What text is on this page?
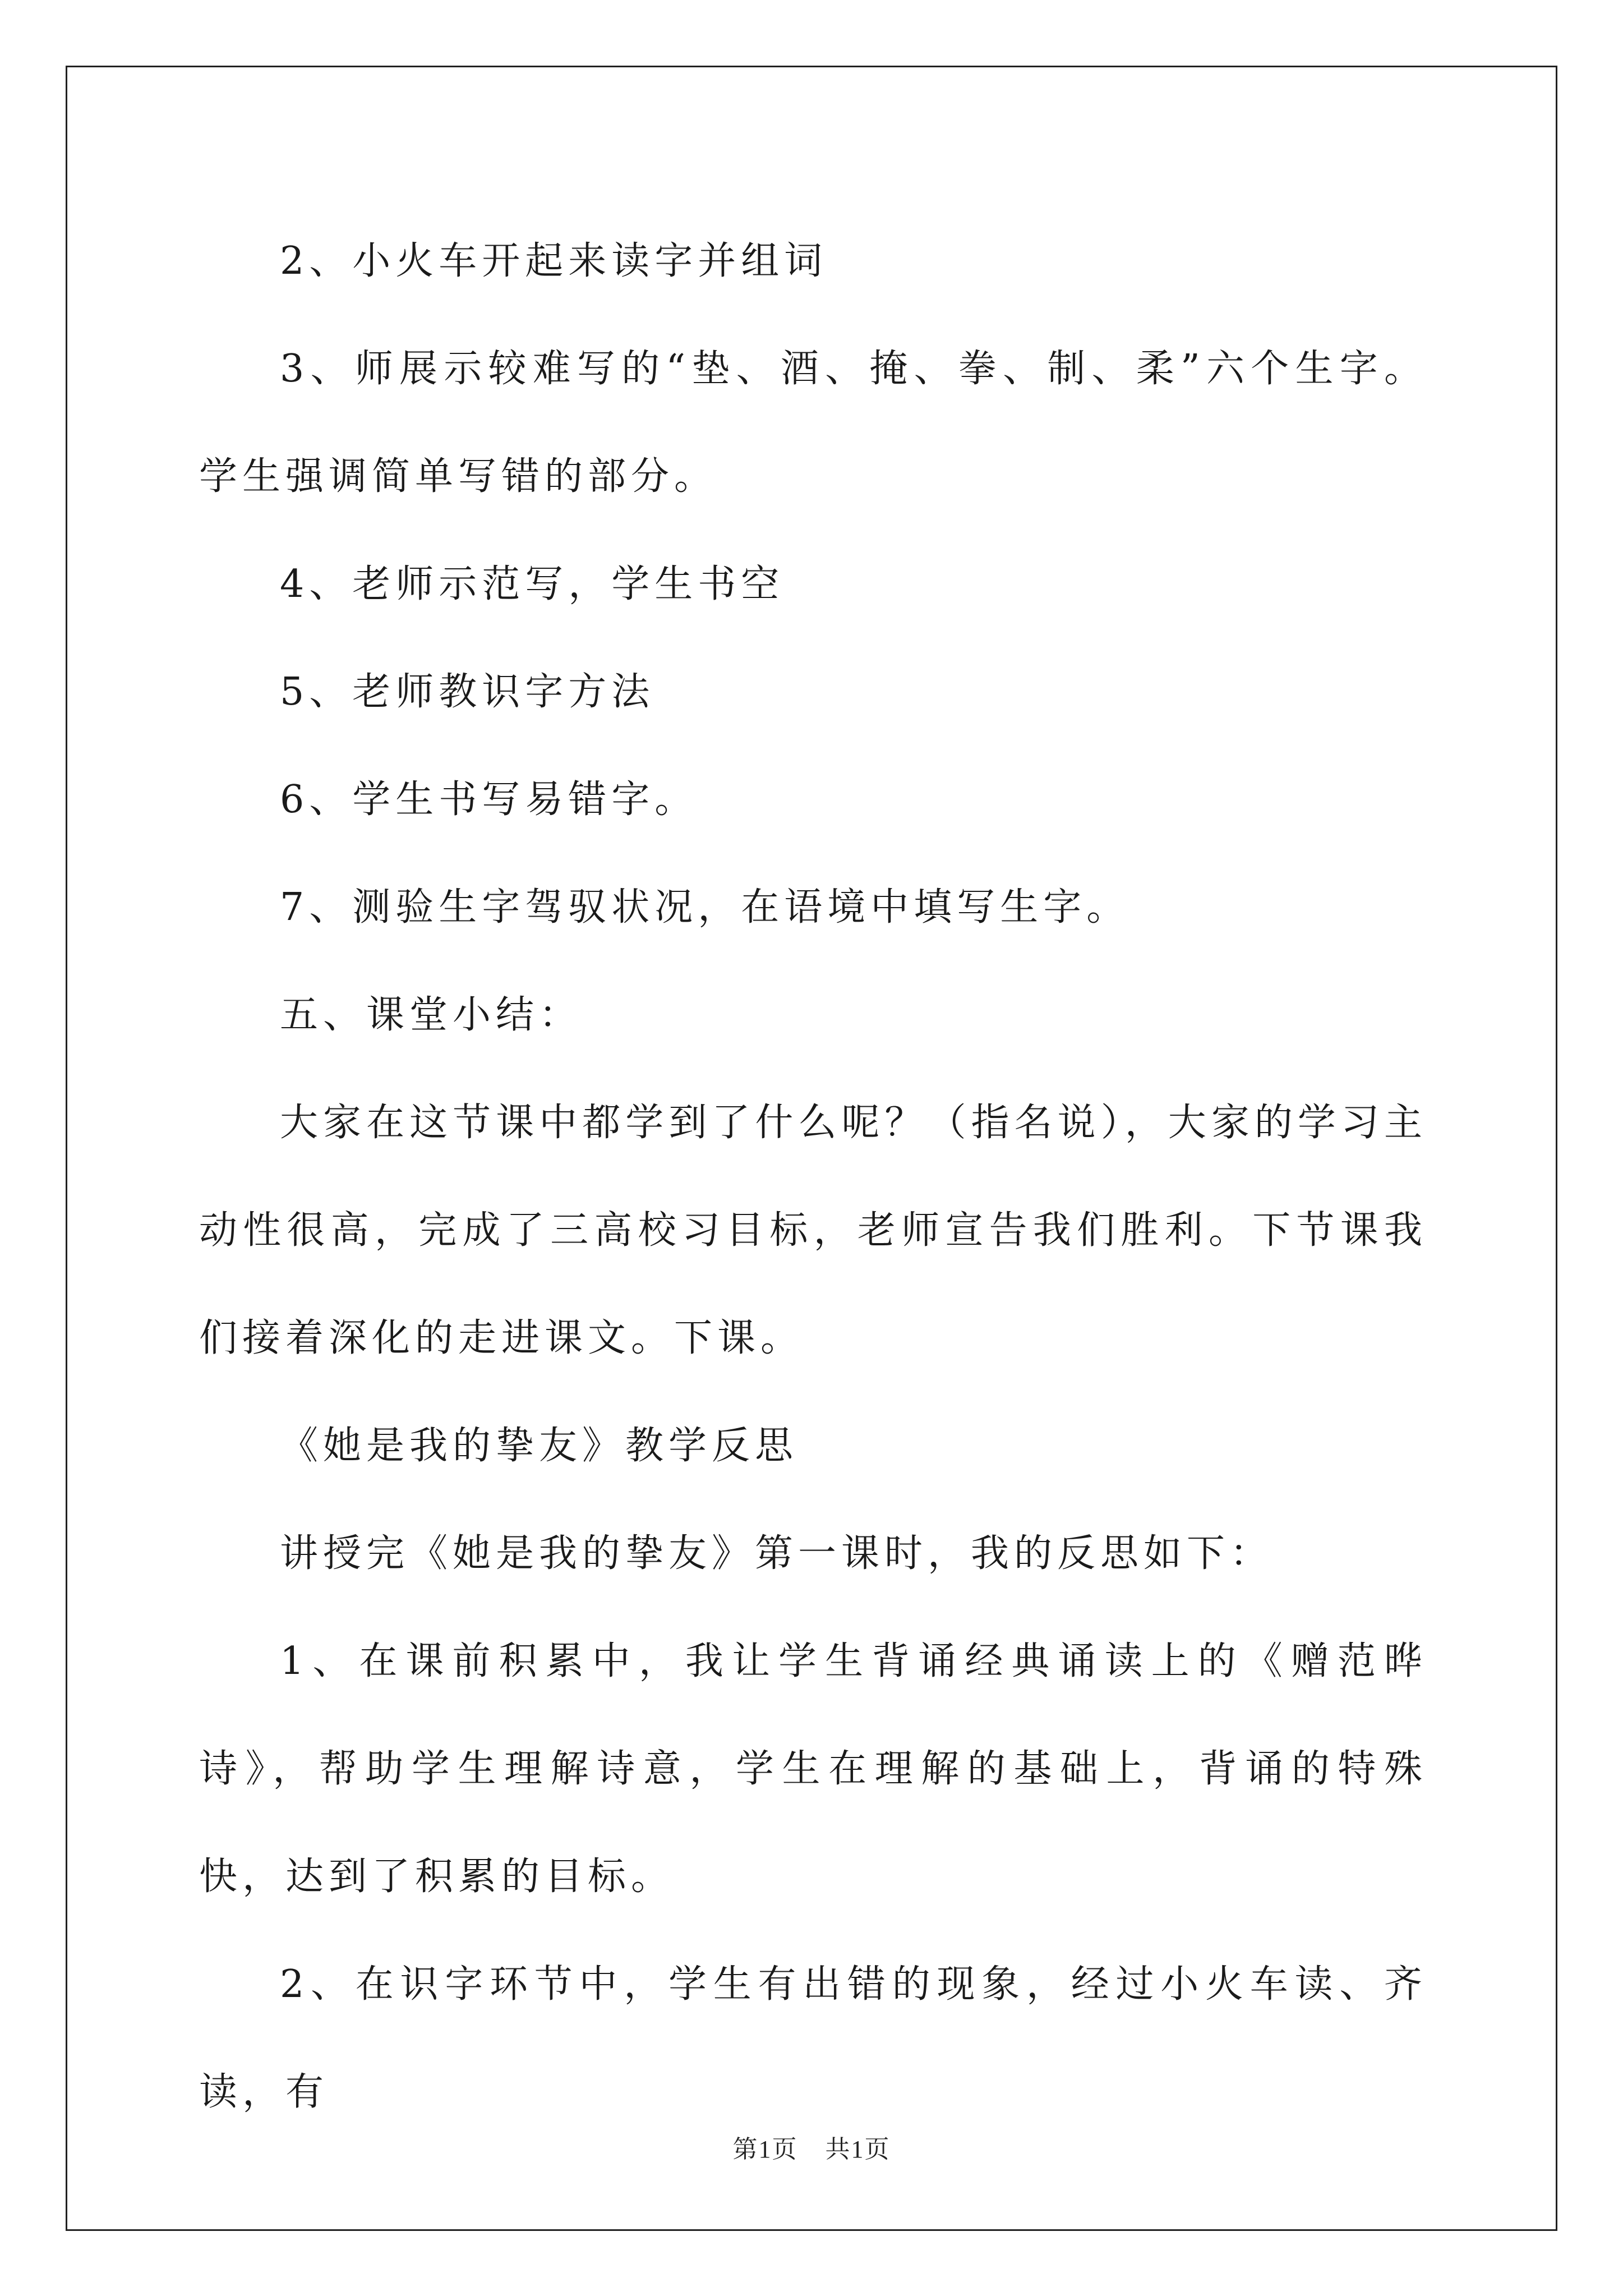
2、小火车开起来读字并组词

3、师展示较难写的“垫、酒、掩、拳、制、柔”六个生字。学生强调简单写错的部分。

4、老师示范写，学生书空

5、老师教识字方法

6、学生书写易错字。

7、测验生字驾驭状况，在语境中填写生字。

五、课堂小结：

大家在这节课中都学到了什么呢？（指名说），大家的学习主动性很高，完成了三高校习目标，老师宣告我们胜利。下节课我们接着深化的走进课文。下课。

《她是我的挚友》教学反思

讲授完《她是我的挚友》第一课时，我的反思如下：

1、在课前积累中，我让学生背诵经典诵读上的《赠范晔诗》，帮助学生理解诗意，学生在理解的基础上，背诵的特殊快，达到了积累的目标。

2、在识字环节中，学生有出错的现象，经过小火车读、齐读，有

第1页 共1页
